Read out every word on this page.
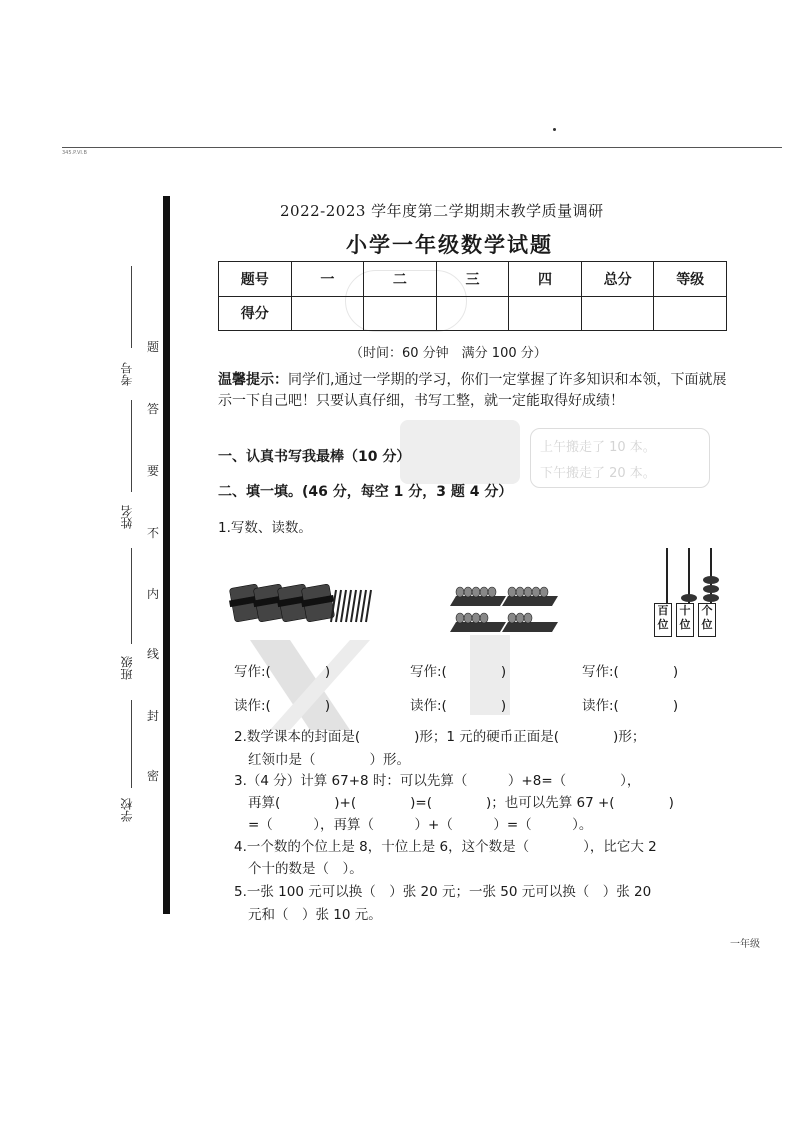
345.P.VI.B
上午搬走了 10 本。
下午搬走了 20 本。
一年级
题
答
要
不
内
线
封
密
考号
姓名
班级
学校
2022-2023 学年度第二学期期末教学质量调研
小学一年级数学试题
题号	一	二	三	四	总分	等级
得分						
（时间：60 分钟　满分 100 分）
温馨提示：同学们,通过一学期的学习，你们一定掌握了许多知识和本领，下面就展示一下自己吧！只要认真仔细，书写工整，就一定能取得好成绩！
一、认真书写我最棒（10 分）
二、填一填。(46 分，每空 1 分，3 题 4 分）
1.写数、读数。
百位
十位
个位
写作:(　　　　)	写作:(　　　　)	写作:(　　　　)
读作:(　　　　)	读作:(　　　　)	读作:(　　　　)
2.数学课本的封面是(　　　　)形；1 元的硬币正面是(　　　　)形；
红领巾是（　　　　）形。
3.（4 分）计算 67+8 时：可以先算（　　　）+8=（　　　　），
再算(　　　　)+(　　　　)=(　　　　)；也可以先算 67 +(　　　　)
=（　　　），再算（　　　）+（　　　）=（　　　）。
4.一个数的个位上是 8，十位上是 6，这个数是（　　　　），比它大 2
个十的数是（　）。
5.一张 100 元可以换（　）张 20 元；一张 50 元可以换（　）张 20
元和（　）张 10 元。
